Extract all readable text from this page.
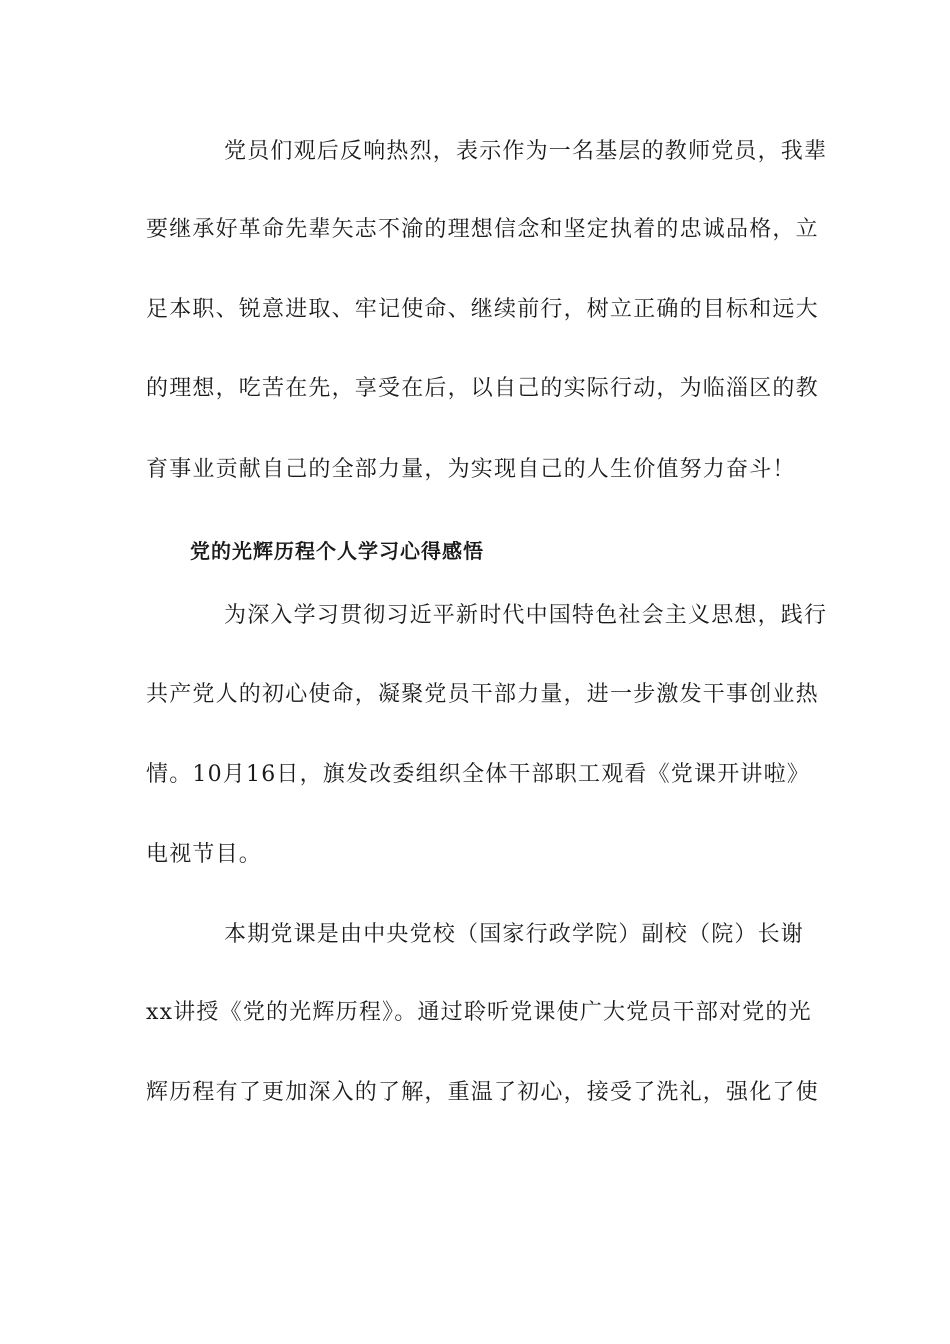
党员们观后反响热烈，表示作为一名基层的教师党员，我辈
要继承好革命先辈矢志不渝的理想信念和坚定执着的忠诚品格，立
足本职、锐意进取、牢记使命、继续前行，树立正确的目标和远大
的理想，吃苦在先，享受在后，以自己的实际行动，为临淄区的教
育事业贡献自己的全部力量，为实现自己的人生价值努力奋斗！
党的光辉历程个人学习心得感悟
为深入学习贯彻习近平新时代中国特色社会主义思想，践行
共产党人的初心使命，凝聚党员干部力量，进一步激发干事创业热
情。10月16日，旗发改委组织全体干部职工观看《党课开讲啦》
电视节目。
本期党课是由中央党校（国家行政学院）副校（院）长谢
xx讲授《党的光辉历程》。通过聆听党课使广大党员干部对党的光
辉历程有了更加深入的了解，重温了初心，接受了洗礼，强化了使
